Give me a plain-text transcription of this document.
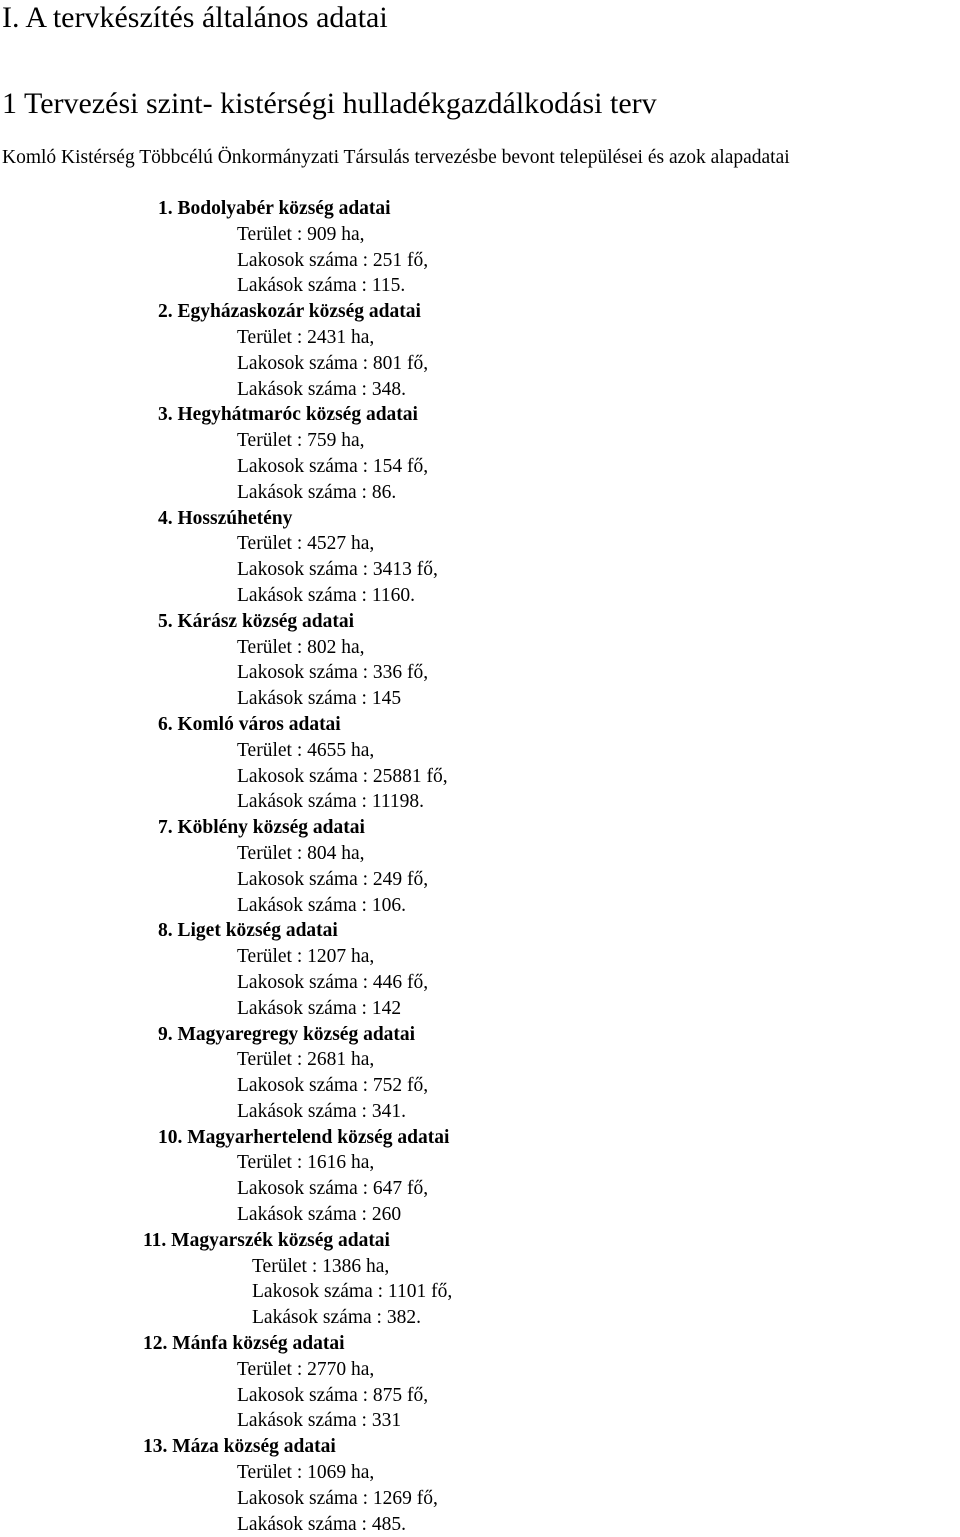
I. A tervkészítés általános adatai
1 Tervezési szint- kistérségi hulladékgazdálkodási terv
Komló Kistérség Többcélú Önkormányzati Társulás tervezésbe bevont települései és azok alapadatai
1. Bodolyabér község adatai
Terület : 909 ha,
Lakosok száma : 251 fő,
Lakások száma : 115.
2. Egyházaskozár község adatai
Terület : 2431 ha,
Lakosok száma : 801 fő,
Lakások száma : 348.
3. Hegyhátmaróc község adatai
Terület : 759 ha,
Lakosok száma : 154 fő,
Lakások száma : 86.
4. Hosszúhetény
Terület : 4527 ha,
Lakosok száma : 3413 fő,
Lakások száma : 1160.
5. Kárász község adatai
Terület : 802 ha,
Lakosok száma : 336 fő,
Lakások száma : 145
6. Komló város adatai
Terület : 4655 ha,
Lakosok száma : 25881 fő,
Lakások száma : 11198.
7. Köblény község adatai
Terület : 804 ha,
Lakosok száma : 249 fő,
Lakások száma : 106.
8. Liget község adatai
Terület : 1207 ha,
Lakosok száma : 446 fő,
Lakások száma : 142
9. Magyaregregy község adatai
Terület : 2681 ha,
Lakosok száma : 752 fő,
Lakások száma : 341.
10. Magyarhertelend község adatai
Terület : 1616 ha,
Lakosok száma : 647 fő,
Lakások száma : 260
11. Magyarszék község adatai
Terület : 1386 ha,
Lakosok száma : 1101 fő,
Lakások száma : 382.
12. Mánfa község adatai
Terület : 2770 ha,
Lakosok száma : 875 fő,
Lakások száma : 331
13. Máza község adatai
Terület : 1069 ha,
Lakosok száma : 1269 fő,
Lakások száma : 485.
